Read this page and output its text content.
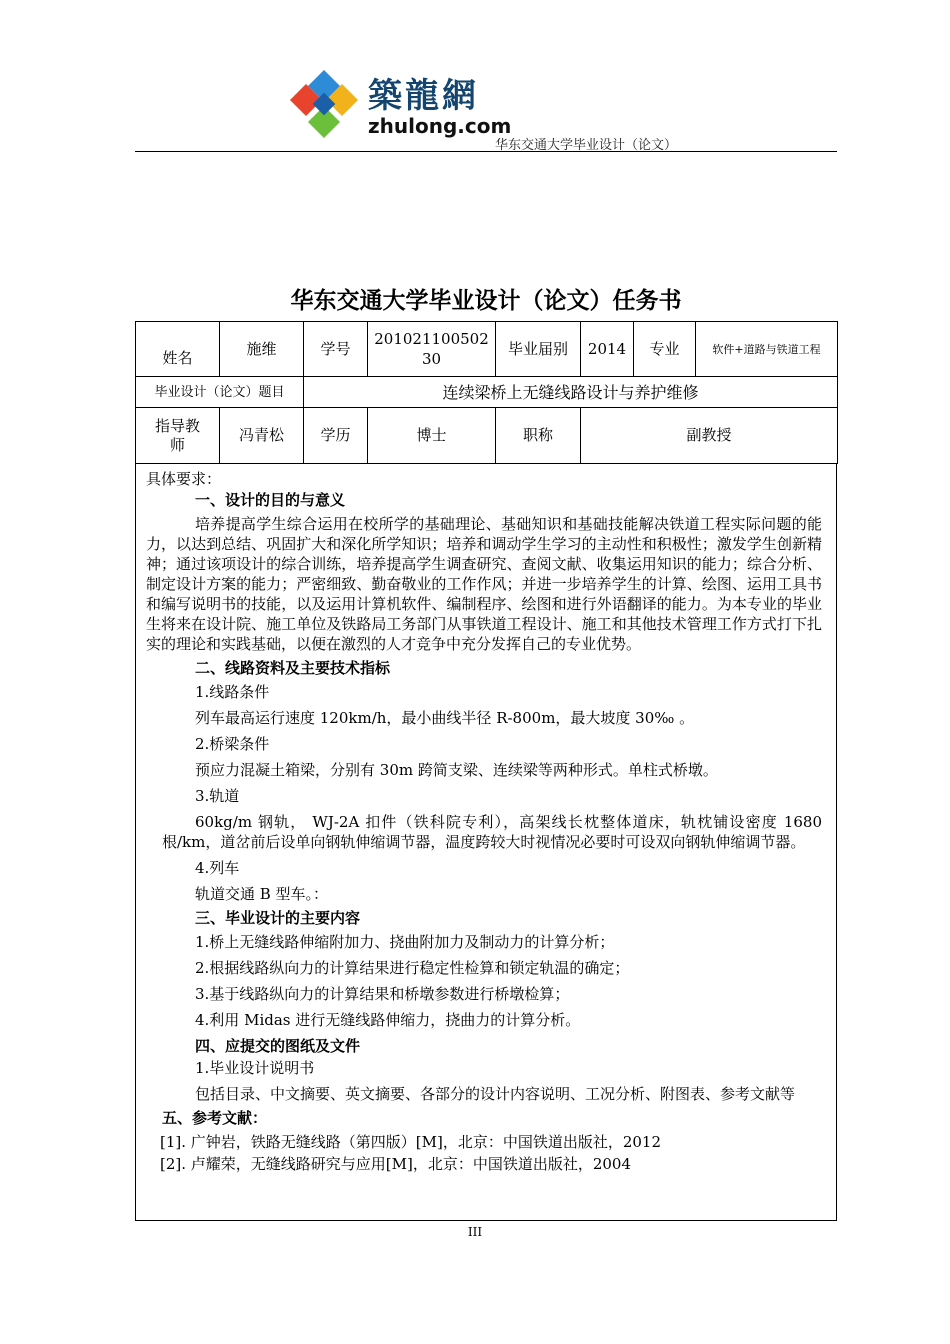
築龍網
zhulong.com
华东交通大学毕业设计（论文）
华东交通大学毕业设计（论文）任务书
姓名	施维	学号	20102110050230	毕业届别	2014	专业	软件+道路与铁道工程
毕业设计（论文）题目		连续梁桥上无缝线路设计与养护维修					
指导教师	冯青松	学历	博士	职称	副教授		

具体要求：

一、设计的目的与意义

培养提高学生综合运用在校所学的基础理论、基础知识和基础技能解决铁道工程实际问题的能力，以达到总结、巩固扩大和深化所学知识；培养和调动学生学习的主动性和积极性；激发学生创新精神；通过该项设计的综合训练，培养提高学生调查研究、查阅文献、收集运用知识的能力；综合分析、制定设计方案的能力；严密细致、勤奋敬业的工作作风；并进一步培养学生的计算、绘图、运用工具书和编写说明书的技能，以及运用计算机软件、编制程序、绘图和进行外语翻译的能力。为本专业的毕业生将来在设计院、施工单位及铁路局工务部门从事铁道工程设计、施工和其他技术管理工作方式打下扎实的理论和实践基础，以便在激烈的人才竞争中充分发挥自己的专业优势。

二、线路资料及主要技术指标

1.线路条件

列车最高运行速度 120km/h，最小曲线半径 R-800m，最大坡度 30‰ 。

2.桥梁条件

预应力混凝土箱梁，分别有 30m 跨简支梁、连续梁等两种形式。单柱式桥墩。

3.轨道

60kg/m 钢轨， WJ-2A 扣件（铁科院专利），高架线长枕整体道床，轨枕铺设密度 1680 根/km，道岔前后设单向钢轨伸缩调节器，温度跨较大时视情况必要时可设双向钢轨伸缩调节器。

4.列车

轨道交通 B 型车。：

三、毕业设计的主要内容

1.桥上无缝线路伸缩附加力、挠曲附加力及制动力的计算分析；

2.根据线路纵向力的计算结果进行稳定性检算和锁定轨温的确定；

3.基于线路纵向力的计算结果和桥墩参数进行桥墩检算；

4.利用 Midas 进行无缝线路伸缩力，挠曲力的计算分析。

四、应提交的图纸及文件

1.毕业设计说明书

包括目录、中文摘要、英文摘要、各部分的设计内容说明、工况分析、附图表、参考文献等

五、参考文献：

[1]. 广钟岩，铁路无缝线路（第四版）[M]，北京：中国铁道出版社，2012

[2]. 卢耀荣，无缝线路研究与应用[M]，北京：中国铁道出版社，2004

III
